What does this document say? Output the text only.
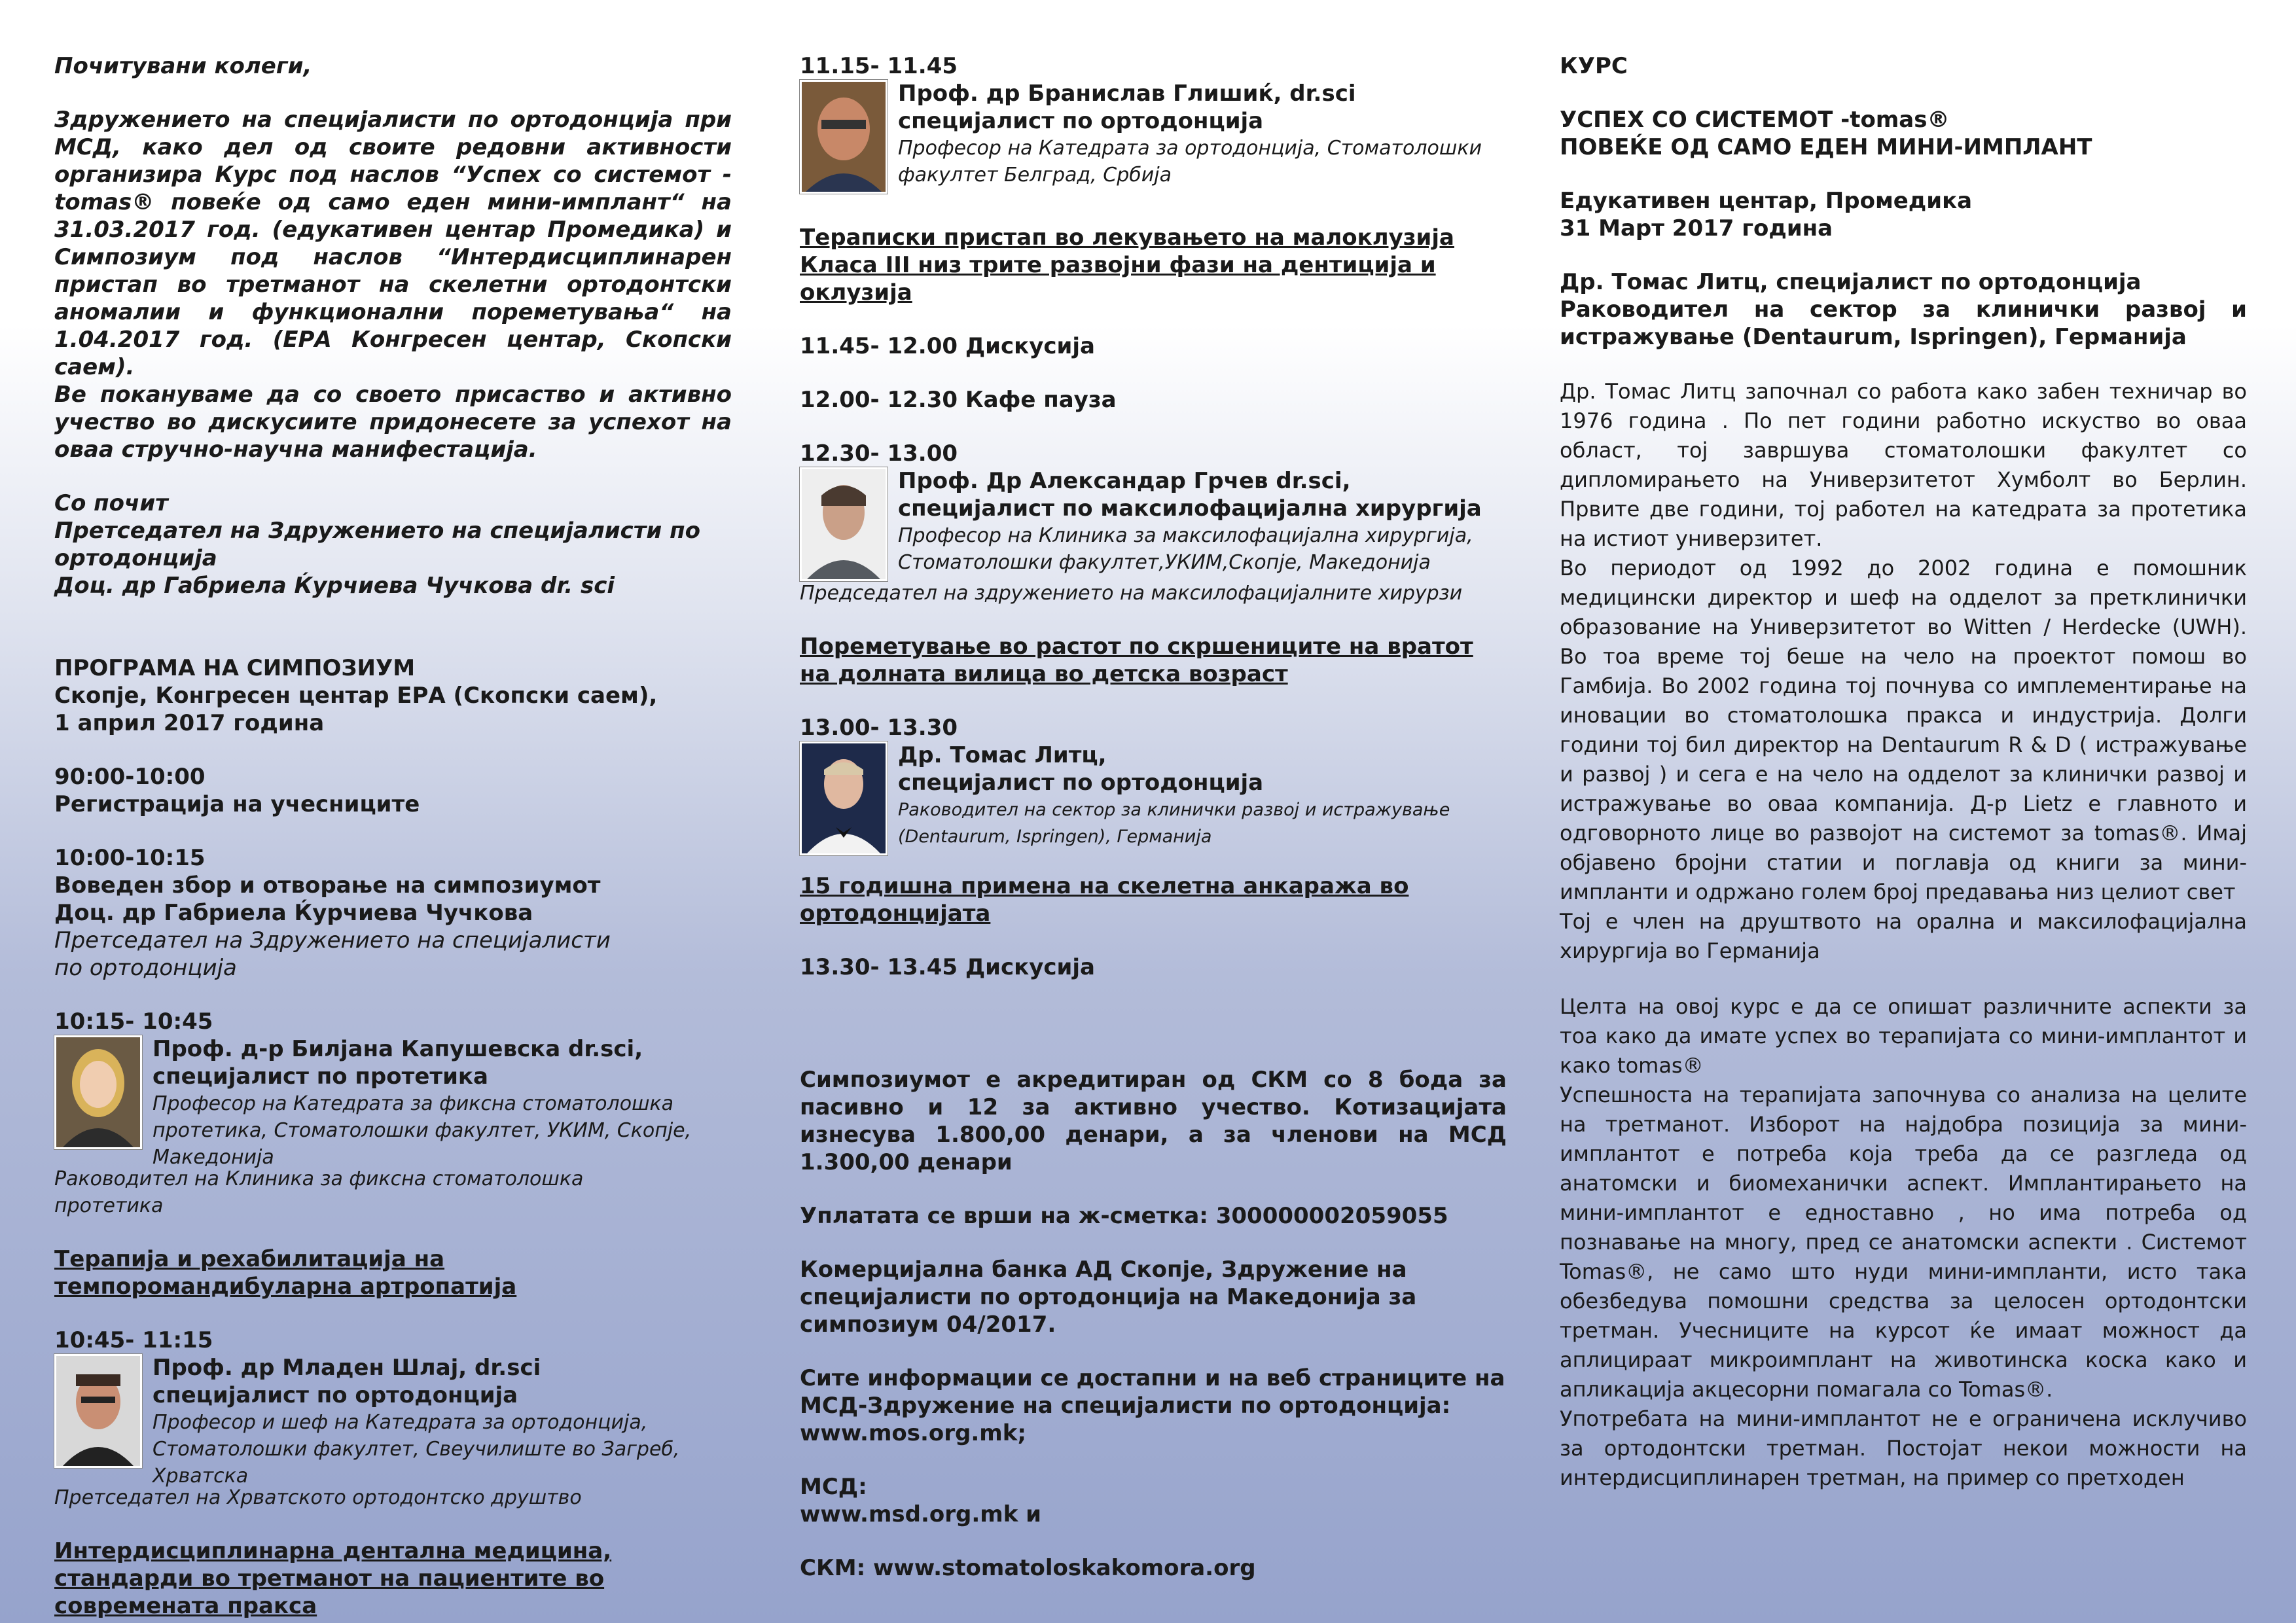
Почитувани колеги,

Здружението на специјалисти по ортодонција при МСД, како дел од своите редовни активности организира Курс под наслов “Успех со системот - tomas® повеќе од само еден мини-имплант“ на 31.03.2017 год. (едукативен центар Промедика) и Симпозиум под наслов “Интердисциплинарен пристап во третманот на скелетни ортодонтски аномалии и функционални пореметувања“ на 1.04.2017 год. (ЕРА Конгресен центар, Скопски саем).

Ве покануваме да со своето присаство и активно учество во дискусиите придонесете за успехот на оваа стручно-научна манифестација.

Со почит

Претседател на Здружението на специјалисти по ортодонција

Доц. др Габриела Ќурчиева Чучкова dr. sci

ПРОГРАМА НА СИМПОЗИУМ

Скопје, Конгресен центар ЕРА (Скопски саем),

1 април 2017 година

90:00-10:00

Регистрација на учесниците

10:00-10:15

Воведен збор и отворање на симпозиумот

Доц. др Габриела Ќурчиева Чучкова

Претседател на Здружението на специјалисти по ортодонција

10:15- 10:45

Проф. д-р Билјана Капушевска dr.sci,

специјалист по протетика

Професор на Катедрата за фиксна стоматолошка протетика, Стоматолошки факултет, УКИМ, Скопје, Македонија

Раководител на Клиника за фиксна стоматолошка протетика

Терапија и рехабилитација на темпоромандибуларна артропатија

10:45- 11:15

Проф. др Младен Шлај, dr.sci

специјалист по ортодонција

Професор и шеф на Катедрата за ортодонција, Стоматолошки факултет, Свеучилиште во Загреб, Хрватска

Претседател на Хрватското ортодонтско друштво

Интердисциплинарна дентална медицина, стандарди во третманот на пациентите во современата пракса

11.15- 11.45

Проф. др Бранислав Глишиќ, dr.sci

специјалист по ортодонција

Професор на Катедрата за ортодонција, Стоматолошки факултет Белград, Србија

Тераписки пристап во лекувањето на малоклузија Класа III низ трите развојни фази на дентиција и оклузија

11.45- 12.00 Дискусија

12.00- 12.30 Кафе пауза

12.30- 13.00

Проф. Др Александар Грчев dr.sci,

специјалист по максилофацијална хирургија

Професор на Клиника за максилофацијална хирургија, Стоматолошки факултет,УКИМ,Скопје, Македонија

Председател на здружението на максилофацијалните хирурзи

Пореметување во растот по скршениците на вратот на долната вилица во детска возраст

13.00- 13.30

Др. Томас Литц,

специјалист по ортодонција

Раководител на сектор за клинички развој и истражување (Dentaurum, Ispringen), Германија

15 годишна примена на скелетна анкаража во ортодонцијата

13.30- 13.45 Дискусија

Симпозиумот е акредитиран од СКМ со 8 бода за пасивно и 12 за активно учество. Котизацијата изнесува 1.800,00 денари, а за членови на МСД 1.300,00 денари

Уплатата се врши на ж-сметка: 300000002059055

Комерцијална банка АД Скопје, Здружение на специјалисти по ортодонција на Македонија за симпозиум 04/2017.

Сите информации се достапни и на веб страниците на МСД-Здружение на специјалисти по ортодонција:

www.mos.org.mk;

МСД:

www.msd.org.mk и

СКМ: www.stomatoloskakomora.org

КУРС

УСПЕХ СО СИСТЕМОТ -tomas®

ПОВЕЌЕ ОД САМО ЕДЕН МИНИ-ИМПЛАНТ

Едукативен центар, Промедика

31 Март 2017 година

Др. Томас Литц, специјалист по ортодонција

Раководител на сектор за клинички развој и истражување (Dentaurum, Ispringen), Германија

Др. Томас Литц започнал со работа како забен техничар во 1976 година . По пет години работно искуство во оваа област, тој завршува стоматолошки факултет со дипломирањето на Универзитетот Хумболт во Берлин. Првите две години, тој работел на катедрата за протетика на истиот универзитет.

Во периодот од 1992 до 2002 година е помошник медицински директор и шеф на одделот за претклинички образование на Универзитетот во Witten / Herdecke (UWH). Во тоа време тој беше на чело на проектот помош во Гамбија. Во 2002 година тој почнува со имплементирање на иновации во стоматолошка пракса и индустрија. Долги години тој бил директор на Dentaurum R & D ( истражување и развој ) и сега е на чело на одделот за клинички развој и истражување во оваа компанија. Д-р Lietz е главното и одговорното лице во развојот на системот за tomas®. Имај објавено бројни статии и поглавја од книги за мини-импланти и одржано голем број предавања низ целиот свет

Тој е член на друштвото на орална и максилофацијална хирургија во Германија

Целта на овој курс е да се опишат различните аспекти за тоа како да имате успех во терапијата со мини-имплантот и како tomas®

Успешноста на терапијата започнува со анализа на целите на третманот. Изборот на најдобра позиција за мини-имплантот е потреба која треба да се разгледа од анатомски и биомеханички аспект. Имплантирањето на мини-имплантот е едноставно , но има потреба од познавање на многу, пред се анатомски аспекти . Системот Tomas®, не само што нуди мини-импланти, исто така обезбедува помошни средства за целосен ортодонтски третман. Учесниците на курсот ќе имаат можност да аплицираат микроимплант на животинска коска како и апликација акцесорни помагала со Tomas®.

Употребата на мини-имплантот не е ограничена исклучиво за ортодонтски третман. Постојат некои можности на интердисциплинарен третман, на пример со претходен
